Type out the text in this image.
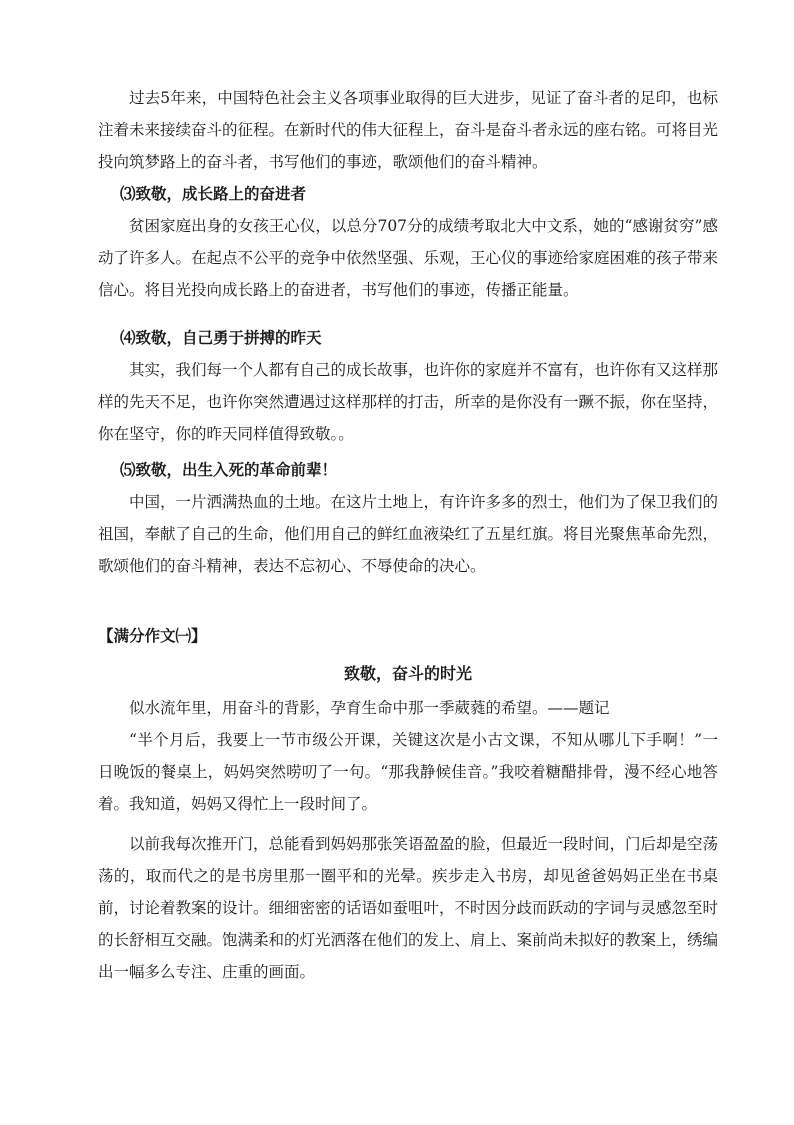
过去5年来，中国特色社会主义各项事业取得的巨大进步，见证了奋斗者的足印，也标注着未来接续奋斗的征程。在新时代的伟大征程上，奋斗是奋斗者永远的座右铭。可将目光投向筑梦路上的奋斗者，书写他们的事迹，歌颂他们的奋斗精神。

⑶致敬，成长路上的奋进者

贫困家庭出身的女孩王心仪，以总分707分的成绩考取北大中文系，她的“感谢贫穷”感动了许多人。在起点不公平的竞争中依然坚强、乐观，王心仪的事迹给家庭困难的孩子带来信心。将目光投向成长路上的奋进者，书写他们的事迹，传播正能量。

⑷致敬，自己勇于拼搏的昨天

其实，我们每一个人都有自己的成长故事，也许你的家庭并不富有，也许你有又这样那样的先天不足，也许你突然遭遇过这样那样的打击，所幸的是你没有一蹶不振，你在坚持，你在坚守，你的昨天同样值得致敬。。

⑸致敬，出生入死的革命前辈！

中国，一片洒满热血的土地。在这片土地上，有许许多多的烈士，他们为了保卫我们的祖国，奉献了自己的生命，他们用自己的鲜红血液染红了五星红旗。将目光聚焦革命先烈，歌颂他们的奋斗精神，表达不忘初心、不辱使命的决心。

【满分作文㈠】

致敬，奋斗的时光

似水流年里，用奋斗的背影，孕育生命中那一季葳蕤的希望。——题记

“半个月后，我要上一节市级公开课，关键这次是小古文课，不知从哪儿下手啊！”一日晚饭的餐桌上，妈妈突然唠叨了一句。“那我静候佳音。”我咬着糖醋排骨，漫不经心地答着。我知道，妈妈又得忙上一段时间了。

以前我每次推开门，总能看到妈妈那张笑语盈盈的脸，但最近一段时间，门后却是空荡荡的，取而代之的是书房里那一圈平和的光晕。疾步走入书房，却见爸爸妈妈正坐在书桌前，讨论着教案的设计。细细密密的话语如蚕咀叶，不时因分歧而跃动的字词与灵感忽至时的长舒相互交融。饱满柔和的灯光洒落在他们的发上、肩上、案前尚未拟好的教案上，绣编出一幅多么专注、庄重的画面。
